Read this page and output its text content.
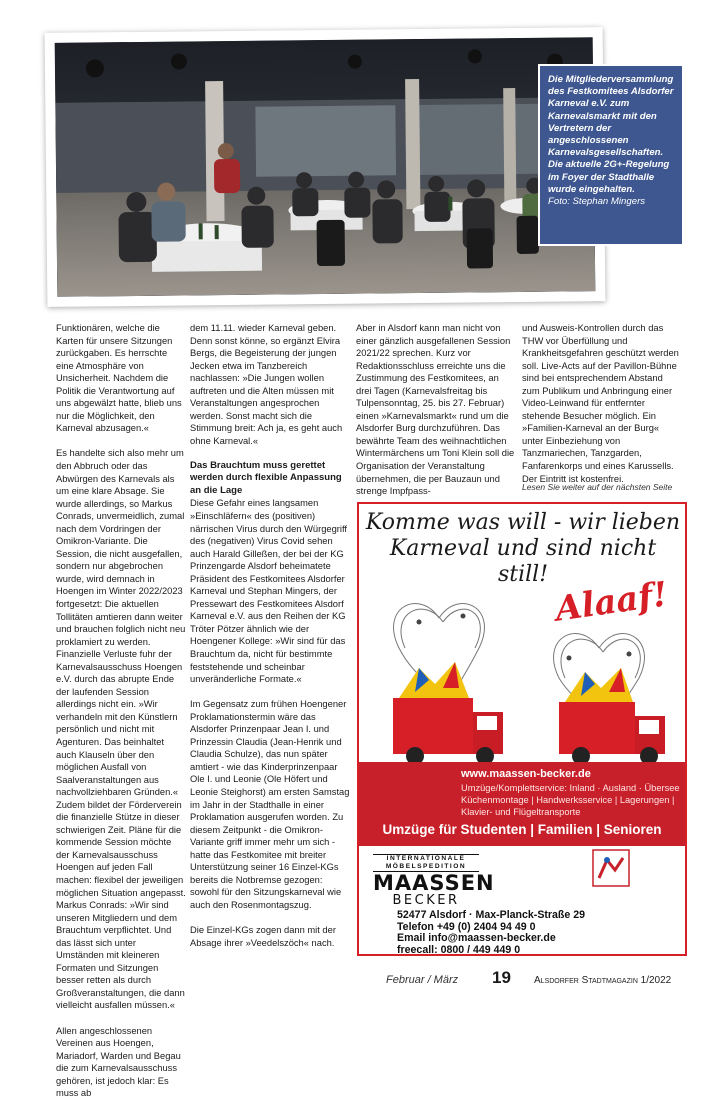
Die Mitgliederversammlung des Festkomitees Alsdorfer Karneval e.V. zum Karnevalsmarkt mit den Vertretern der angeschlossenen Karnevalsgesellschaften. Die aktuelle 2G+-Regelung im Foyer der Stadthalle wurde eingehalten.
Foto: Stephan Mingers

Funktionären, welche die Karten für unsere Sitzungen zurückgaben. Es herrschte eine Atmosphäre von Unsicherheit. Nachdem die Politik die Verantwortung auf uns abgewälzt hatte, blieb uns nur die Möglichkeit, den Karneval abzusagen.«

Es handelte sich also mehr um den Abbruch oder das Abwürgen des Karnevals als um eine klare Absage. Sie wurde allerdings, so Markus Conrads, unvermeidlich, zumal nach dem Vordringen der Omikron-Variante. Die Session, die nicht ausgefallen, sondern nur abgebrochen wurde, wird demnach in Hoengen im Winter 2022/2023 fortgesetzt: Die aktuellen Tollitäten amtieren dann weiter und brauchen folglich nicht neu proklamiert zu werden. Finanzielle Verluste fuhr der Karnevalsausschuss Hoengen e.V. durch das abrupte Ende der laufenden Session allerdings nicht ein. »Wir verhandeln mit den Künstlern persönlich und nicht mit Agenturen. Das beinhaltet auch Klauseln über den möglichen Ausfall von Saalveranstaltungen aus nachvollziehbaren Gründen.« Zudem bildet der Förderverein die finanzielle Stütze in dieser schwierigen Zeit. Pläne für die kommende Session möchte der Karnevalsausschuss Hoengen auf jeden Fall machen: flexibel der jeweiligen möglichen Situation angepasst. Markus Conrads: »Wir sind unseren Mitgliedern und dem Brauchtum verpflichtet. Und das lässt sich unter Umständen mit kleineren Formaten und Sitzungen besser retten als durch Großveranstaltungen, die dann vielleicht ausfallen müssen.«

Allen angeschlossenen Vereinen aus Hoengen, Mariadorf, Warden und Begau die zum Karnevalsausschuss gehören, ist jedoch klar: Es muss ab

dem 11.11. wieder Karneval geben. Denn sonst könne, so ergänzt Elvira Bergs, die Begeisterung der jungen Jecken etwa im Tanzbereich nachlassen: »Die Jungen wollen auftreten und die Alten müssen mit Veranstaltungen angesprochen werden. Sonst macht sich die Stimmung breit: Ach ja, es geht auch ohne Karneval.«

Das Brauchtum muss gerettet werden durch flexible Anpassung an die Lage

Diese Gefahr eines langsamen »Einschläfern« des (positiven) närrischen Virus durch den Würgegriff des (negativen) Virus Covid sehen auch Harald Gilleßen, der bei der KG Prinzengarde Alsdorf beheimatete Präsident des Festkomitees Alsdorfer Karneval und Stephan Mingers, der Pressewart des Festkomitees Alsdorf Karneval e.V. aus den Reihen der KG Tröter Pötzer ähnlich wie der Hoengener Kollege: »Wir sind für das Brauchtum da, nicht für bestimmte feststehende und scheinbar unveränderliche Formate.«

Im Gegensatz zum frühen Hoengener Proklamationstermin wäre das Alsdorfer Prinzenpaar Jean I. und Prinzessin Claudia (Jean-Henrik und Claudia Schulze), das nun später amtiert - wie das Kinderprinzenpaar Ole I. und Leonie (Ole Höfert und Leonie Steighorst) am ersten Samstag im Jahr in der Stadthalle in einer Proklamation ausgerufen worden. Zu diesem Zeitpunkt - die Omikron-Variante griff immer mehr um sich - hatte das Festkomitee mit breiter Unterstützung seiner 16 Einzel-KGs bereits die Notbremse gezogen: sowohl für den Sitzungskarneval wie auch den Rosenmontagszug.

Die Einzel-KGs zogen dann mit der Absage ihrer »Veedelszöch« nach.

Aber in Alsdorf kann man nicht von einer gänzlich ausgefallenen Session 2021/22 sprechen. Kurz vor Redaktionsschluss erreichte uns die Zustimmung des Festkomitees, an drei Tagen (Karnevalsfreitag bis Tulpensonntag, 25. bis 27. Februar) einen »Karnevalsmarkt« rund um die Alsdorfer Burg durchzuführen. Das bewährte Team des weihnachtlichen Wintermärchens um Toni Klein soll die Organisation der Veranstaltung übernehmen, die per Bauzaun und strenge Impfpass-

und Ausweis-Kontrollen durch das THW vor Überfüllung und Krankheitsgefahren geschützt werden soll. Live-Acts auf der Pavillon-Bühne sind bei entsprechendem Abstand zum Publikum und Anbringung einer Video-Leinwand für entfernter stehende Besucher möglich. Ein »Familien-Karneval an der Burg« unter Einbeziehung von Tanzmariechen, Tanzgarden, Fanfarenkorps und eines Karussells. Der Eintritt ist kostenfrei.

Lesen Sie weiter auf der nächsten Seite
Komme was will - wir lieben
Karneval und sind nicht still! Alaaf!
www.maassen-becker.de
Umzüge/Komplettservice: Inland · Ausland · Übersee
Küchenmontage | Handwerksservice | Lagerungen |
Klavier- und Flügeltransporte
Umzüge für Studenten | Familien | Senioren
INTERNATIONALE MÖBELSPEDITION
MAASSEN
BECKER
52477 Alsdorf · Max-Planck-Straße 29
Telefon +49 (0) 2404 94 49 0
Email info@maassen-becker.de
freecall: 0800 / 449 449 0
Februar / März 19 Alsdorfer Stadtmagazin 1/2022
